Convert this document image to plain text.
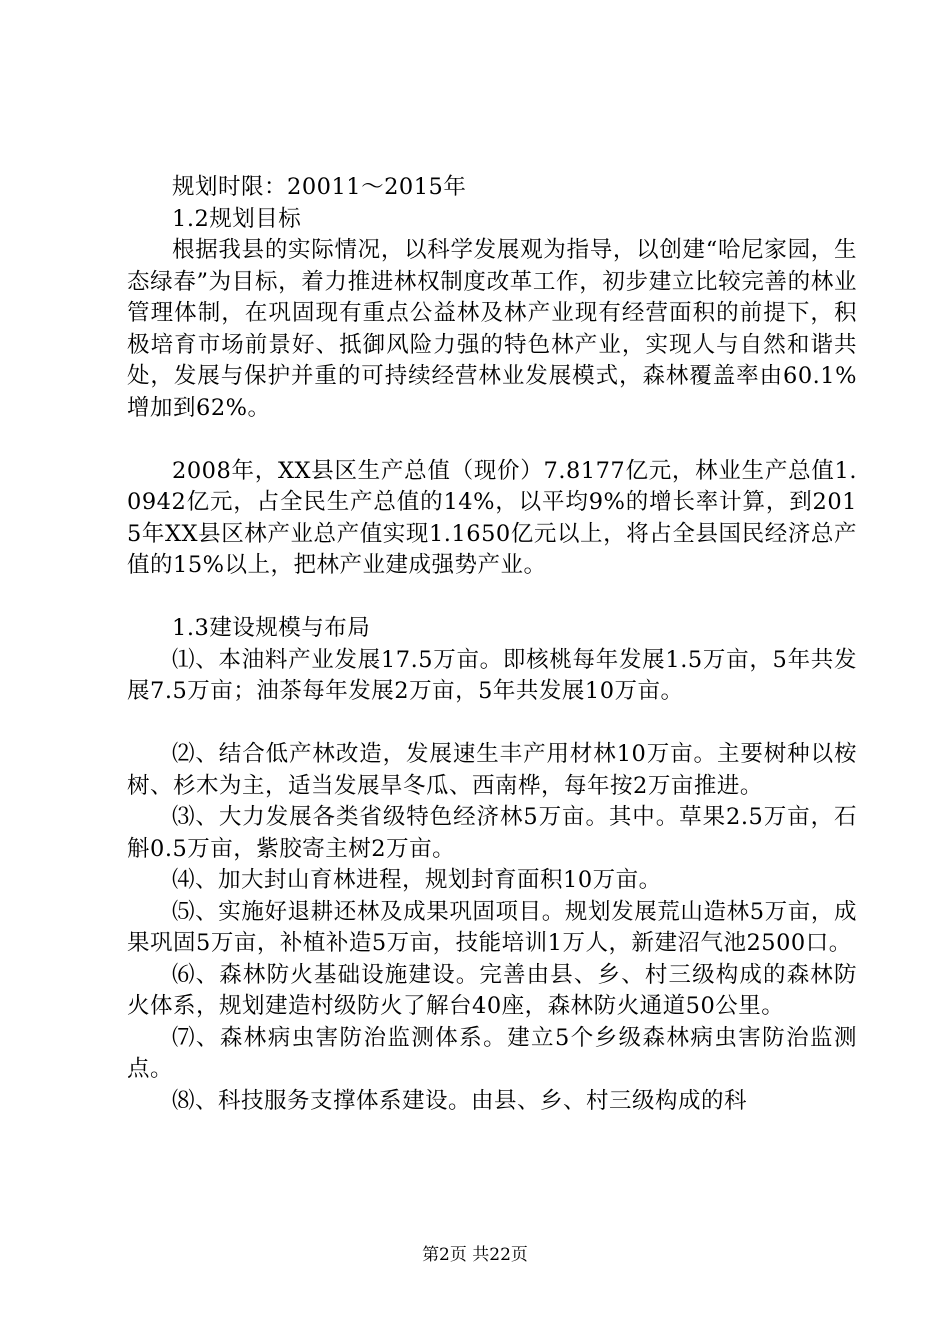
规划时限：20011～2015年

1.2规划目标

根据我县的实际情况，以科学发展观为指导，以创建“哈尼家园，生态绿春”为目标，着力推进林权制度改革工作，初步建立比较完善的林业管理体制，在巩固现有重点公益林及林产业现有经营面积的前提下，积极培育市场前景好、抵御风险力强的特色林产业，实现人与自然和谐共处，发展与保护并重的可持续经营林业发展模式，森林覆盖率由60.1%增加到62%。

2008年，XX县区生产总值（现价）7.8177亿元，林业生产总值1.0942亿元，占全民生产总值的14%，以平均9%的增长率计算，到2015年XX县区林产业总产值实现1.1650亿元以上，将占全县国民经济总产值的15%以上，把林产业建成强势产业。

1.3建设规模与布局

⑴、本油料产业发展17.5万亩。即核桃每年发展1.5万亩，5年共发展7.5万亩；油茶每年发展2万亩，5年共发展10万亩。

⑵、结合低产林改造，发展速生丰产用材林10万亩。主要树种以桉树、杉木为主，适当发展旱冬瓜、西南桦，每年按2万亩推进。

⑶、大力发展各类省级特色经济林5万亩。其中。草果2.5万亩，石斛0.5万亩，紫胶寄主树2万亩。

⑷、加大封山育林进程，规划封育面积10万亩。

⑸、实施好退耕还林及成果巩固项目。规划发展荒山造林5万亩，成果巩固5万亩，补植补造5万亩，技能培训1万人，新建沼气池2500口。

⑹、森林防火基础设施建设。完善由县、乡、村三级构成的森林防火体系，规划建造村级防火了解台40座，森林防火通道50公里。

⑺、森林病虫害防治监测体系。建立5个乡级森林病虫害防治监测点。

⑻、科技服务支撑体系建设。由县、乡、村三级构成的科

第2页 共22页
